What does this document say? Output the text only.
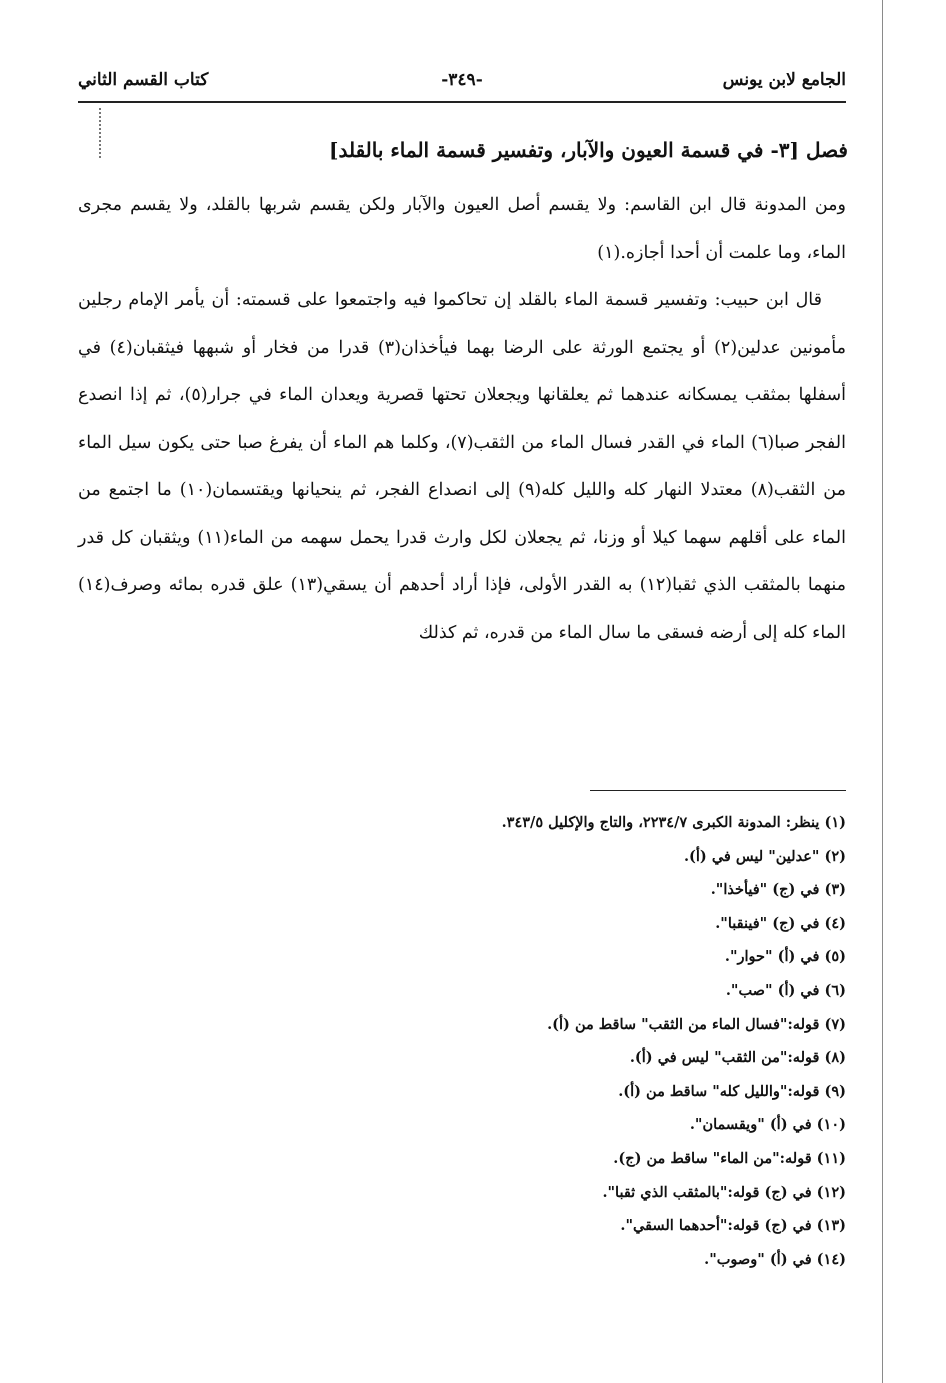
الجامع لابن يونس
-٣٤٩-
كتاب القسم الثاني
فصل [٣- في قسمة العيون والآبار، وتفسير قسمة الماء بالقلد]

ومن المدونة قال ابن القاسم: ولا يقسم أصل العيون والآبار ولكن يقسم شربها بالقلد، ولا يقسم مجرى الماء، وما علمت أن أحدا أجازه.(١)

قال ابن حبيب: وتفسير قسمة الماء بالقلد إن تحاكموا فيه واجتمعوا على قسمته: أن يأمر الإمام رجلين مأمونين عدلين(٢) أو يجتمع الورثة على الرضا بهما فيأخذان(٣) قدرا من فخار أو شبهها فيثقبان(٤) في أسفلها بمثقب يمسكانه عندهما ثم يعلقانها ويجعلان تحتها قصرية ويعدان الماء في جرار(٥)، ثم إذا انصدع الفجر صبا(٦) الماء في القدر فسال الماء من الثقب(٧)، وكلما هم الماء أن يفرغ صبا حتى يكون سيل الماء من الثقب(٨) معتدلا النهار كله والليل كله(٩) إلى انصداع الفجر، ثم ينحيانها ويقتسمان(١٠) ما اجتمع من الماء على أقلهم سهما كيلا أو وزنا، ثم يجعلان لكل وارث قدرا يحمل سهمه من الماء(١١) ويثقبان كل قدر منهما بالمثقب الذي ثقبا(١٢) به القدر الأولى، فإذا أراد أحدهم أن يسقي(١٣) علق قدره بمائه وصرف(١٤) الماء كله إلى أرضه فسقى ما سال الماء من قدره، ثم كذلك

(١) ينظر: المدونة الكبرى ٢٢٣٤/٧، والتاج والإكليل ٣٤٣/٥.
(٢) "عدلين" ليس في (أ).
(٣) في (ج) "فيأخذا".
(٤) في (ج) "فينقبا".
(٥) في (أ) "حوار".
(٦) في (أ) "صب".
(٧) قوله:"فسال الماء من الثقب" ساقط من (أ).
(٨) قوله:"من الثقب" ليس في (أ).
(٩) قوله:"والليل كله" ساقط من (أ).
(١٠) في (أ) "ويقسمان".
(١١) قوله:"من الماء" ساقط من (ج).
(١٢) في (ج) قوله:"بالمثقب الذي ثقبا".
(١٣) في (ج) قوله:"أحدهما السقي".
(١٤) في (أ) "وصوب".
